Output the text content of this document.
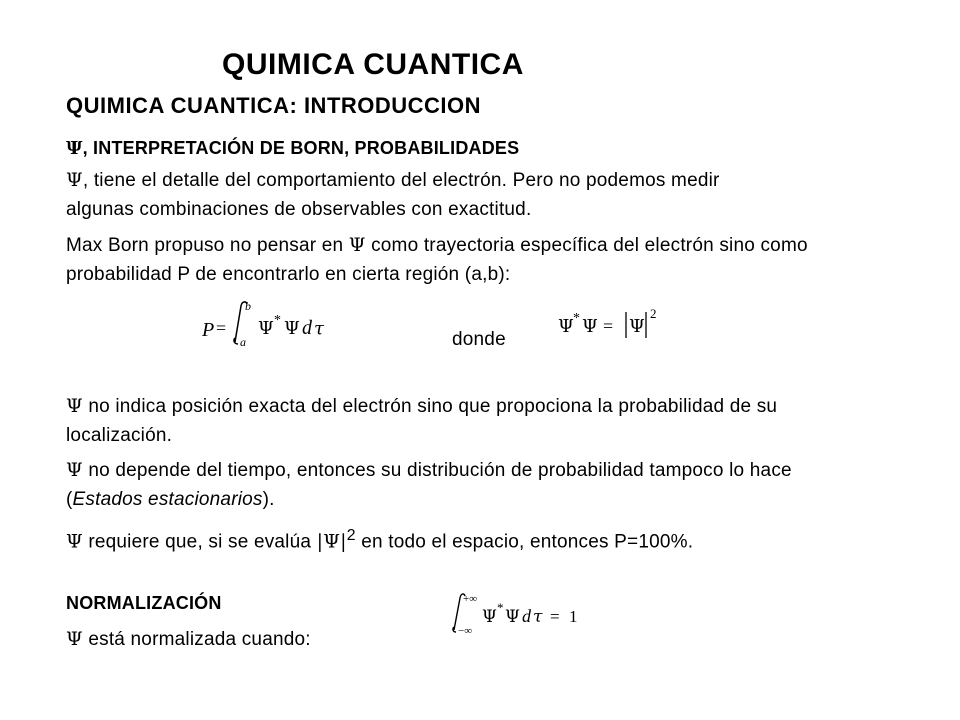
QUIMICA CUANTICA
QUIMICA CUANTICA: INTRODUCCION
Ψ, INTERPRETACIÓN DE BORN, PROBABILIDADES
Ψ, tiene el detalle del comportamiento del electrón. Pero no podemos medir algunas combinaciones de observables con exactitud.
Max Born propuso no pensar en Ψ como trayectoria específica del electrón sino como probabilidad P de encontrarlo en cierta región (a,b):
P =
b
a
Ψ * Ψ d τ
donde
Ψ * Ψ = Ψ
2
Ψ no indica posición exacta del electrón sino que propociona la probabilidad de su localización.
Ψ no depende del tiempo, entonces su distribución de probabilidad tampoco lo hace (Estados estacionarios).
Ψ requiere que, si se evalúa $|\Psi|^2$ en todo el espacio, entonces P=100%.
NORMALIZACIÓN	+∞
−∞
Ψ * Ψ d τ = 1
Ψ está normalizada cuando:
